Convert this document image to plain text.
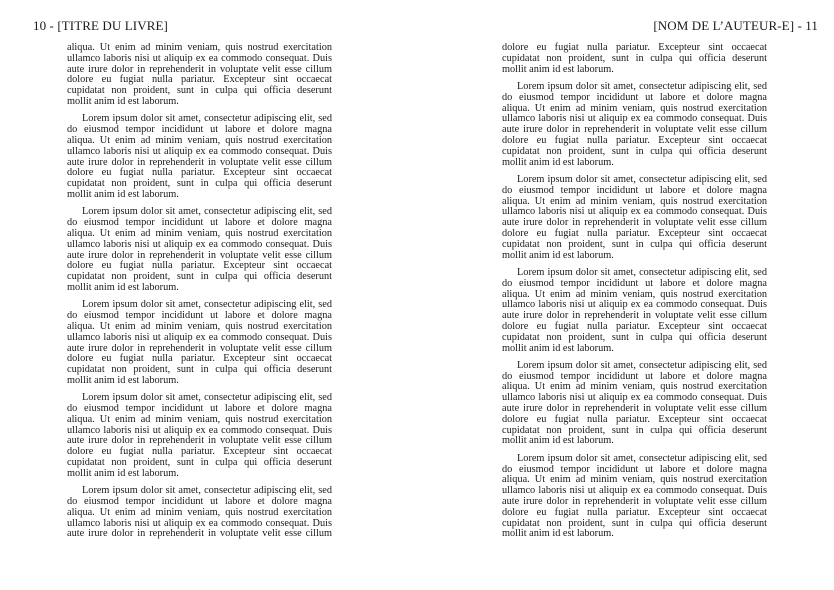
10 - [TITRE DU LIVRE]
aliqua. Ut enim ad minim veniam, quis nostrud exercitation
ullamco laboris nisi ut aliquip ex ea commodo consequat. Duis
aute irure dolor in reprehenderit in voluptate velit esse cillum
dolore eu fugiat nulla pariatur. Excepteur sint occaecat
cupidatat non proident, sunt in culpa qui officia deserunt
mollit anim id est laborum.
Lorem ipsum dolor sit amet, consectetur adipiscing elit, sed
do eiusmod tempor incididunt ut labore et dolore magna
aliqua. Ut enim ad minim veniam, quis nostrud exercitation
ullamco laboris nisi ut aliquip ex ea commodo consequat. Duis
aute irure dolor in reprehenderit in voluptate velit esse cillum
dolore eu fugiat nulla pariatur. Excepteur sint occaecat
cupidatat non proident, sunt in culpa qui officia deserunt
mollit anim id est laborum.
Lorem ipsum dolor sit amet, consectetur adipiscing elit, sed
do eiusmod tempor incididunt ut labore et dolore magna
aliqua. Ut enim ad minim veniam, quis nostrud exercitation
ullamco laboris nisi ut aliquip ex ea commodo consequat. Duis
aute irure dolor in reprehenderit in voluptate velit esse cillum
dolore eu fugiat nulla pariatur. Excepteur sint occaecat
cupidatat non proident, sunt in culpa qui officia deserunt
mollit anim id est laborum.
Lorem ipsum dolor sit amet, consectetur adipiscing elit, sed
do eiusmod tempor incididunt ut labore et dolore magna
aliqua. Ut enim ad minim veniam, quis nostrud exercitation
ullamco laboris nisi ut aliquip ex ea commodo consequat. Duis
aute irure dolor in reprehenderit in voluptate velit esse cillum
dolore eu fugiat nulla pariatur. Excepteur sint occaecat
cupidatat non proident, sunt in culpa qui officia deserunt
mollit anim id est laborum.
Lorem ipsum dolor sit amet, consectetur adipiscing elit, sed
do eiusmod tempor incididunt ut labore et dolore magna
aliqua. Ut enim ad minim veniam, quis nostrud exercitation
ullamco laboris nisi ut aliquip ex ea commodo consequat. Duis
aute irure dolor in reprehenderit in voluptate velit esse cillum
dolore eu fugiat nulla pariatur. Excepteur sint occaecat
cupidatat non proident, sunt in culpa qui officia deserunt
mollit anim id est laborum.
Lorem ipsum dolor sit amet, consectetur adipiscing elit, sed
do eiusmod tempor incididunt ut labore et dolore magna
aliqua. Ut enim ad minim veniam, quis nostrud exercitation
ullamco laboris nisi ut aliquip ex ea commodo consequat. Duis
aute irure dolor in reprehenderit in voluptate velit esse cillum
[NOM DE L’AUTEUR-E] - 11
dolore eu fugiat nulla pariatur. Excepteur sint occaecat
cupidatat non proident, sunt in culpa qui officia deserunt
mollit anim id est laborum.
Lorem ipsum dolor sit amet, consectetur adipiscing elit, sed
do eiusmod tempor incididunt ut labore et dolore magna
aliqua. Ut enim ad minim veniam, quis nostrud exercitation
ullamco laboris nisi ut aliquip ex ea commodo consequat. Duis
aute irure dolor in reprehenderit in voluptate velit esse cillum
dolore eu fugiat nulla pariatur. Excepteur sint occaecat
cupidatat non proident, sunt in culpa qui officia deserunt
mollit anim id est laborum.
Lorem ipsum dolor sit amet, consectetur adipiscing elit, sed
do eiusmod tempor incididunt ut labore et dolore magna
aliqua. Ut enim ad minim veniam, quis nostrud exercitation
ullamco laboris nisi ut aliquip ex ea commodo consequat. Duis
aute irure dolor in reprehenderit in voluptate velit esse cillum
dolore eu fugiat nulla pariatur. Excepteur sint occaecat
cupidatat non proident, sunt in culpa qui officia deserunt
mollit anim id est laborum.
Lorem ipsum dolor sit amet, consectetur adipiscing elit, sed
do eiusmod tempor incididunt ut labore et dolore magna
aliqua. Ut enim ad minim veniam, quis nostrud exercitation
ullamco laboris nisi ut aliquip ex ea commodo consequat. Duis
aute irure dolor in reprehenderit in voluptate velit esse cillum
dolore eu fugiat nulla pariatur. Excepteur sint occaecat
cupidatat non proident, sunt in culpa qui officia deserunt
mollit anim id est laborum.
Lorem ipsum dolor sit amet, consectetur adipiscing elit, sed
do eiusmod tempor incididunt ut labore et dolore magna
aliqua. Ut enim ad minim veniam, quis nostrud exercitation
ullamco laboris nisi ut aliquip ex ea commodo consequat. Duis
aute irure dolor in reprehenderit in voluptate velit esse cillum
dolore eu fugiat nulla pariatur. Excepteur sint occaecat
cupidatat non proident, sunt in culpa qui officia deserunt
mollit anim id est laborum.
Lorem ipsum dolor sit amet, consectetur adipiscing elit, sed
do eiusmod tempor incididunt ut labore et dolore magna
aliqua. Ut enim ad minim veniam, quis nostrud exercitation
ullamco laboris nisi ut aliquip ex ea commodo consequat. Duis
aute irure dolor in reprehenderit in voluptate velit esse cillum
dolore eu fugiat nulla pariatur. Excepteur sint occaecat
cupidatat non proident, sunt in culpa qui officia deserunt
mollit anim id est laborum.
